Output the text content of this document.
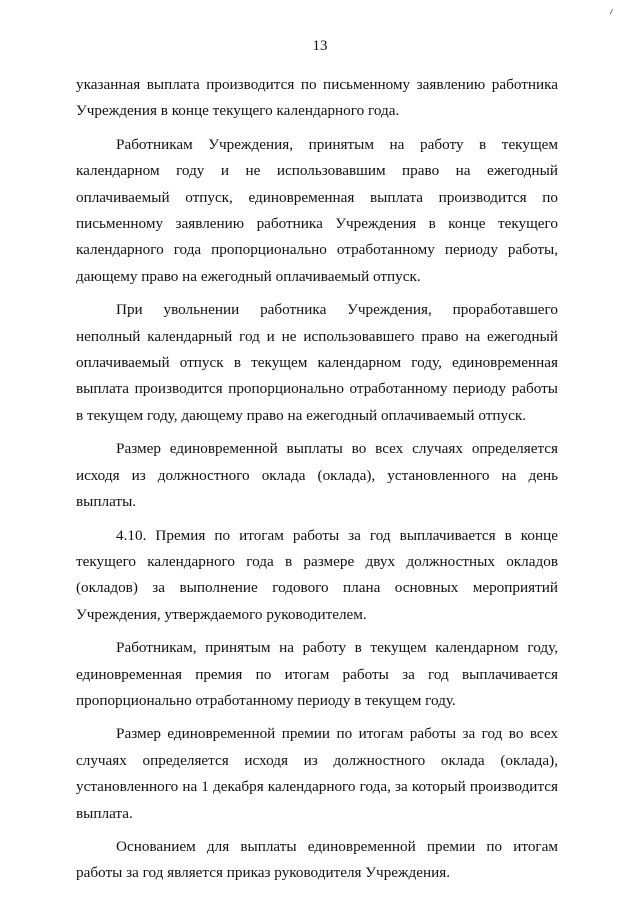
13

указанная выплата производится по письменному заявлению работника Учреждения в конце текущего календарного года.

Работникам Учреждения, принятым на работу в текущем календарном году и не использовавшим право на ежегодный оплачиваемый отпуск, единовременная выплата производится по письменному заявлению работника Учреждения в конце текущего календарного года пропорционально отработанному периоду работы, дающему право на ежегодный оплачиваемый отпуск.

При увольнении работника Учреждения, проработавшего неполный календарный год и не использовавшего право на ежегодный оплачиваемый отпуск в текущем календарном году, единовременная выплата производится пропорционально отработанному периоду работы в текущем году, дающему право на ежегодный оплачиваемый отпуск.

Размер единовременной выплаты во всех случаях определяется исходя из должностного оклада (оклада), установленного на день выплаты.

4.10. Премия по итогам работы за год выплачивается в конце текущего календарного года в размере двух должностных окладов (окладов) за выполнение годового плана основных мероприятий Учреждения, утверждаемого руководителем.

Работникам, принятым на работу в текущем календарном году, единовременная премия по итогам работы за год выплачивается пропорционально отработанному периоду в текущем году.

Размер единовременной премии по итогам работы за год во всех случаях определяется исходя из должностного оклада (оклада), установленного на 1 декабря календарного года, за который производится выплата.

Основанием для выплаты единовременной премии по итогам работы за год является приказ руководителя Учреждения.
